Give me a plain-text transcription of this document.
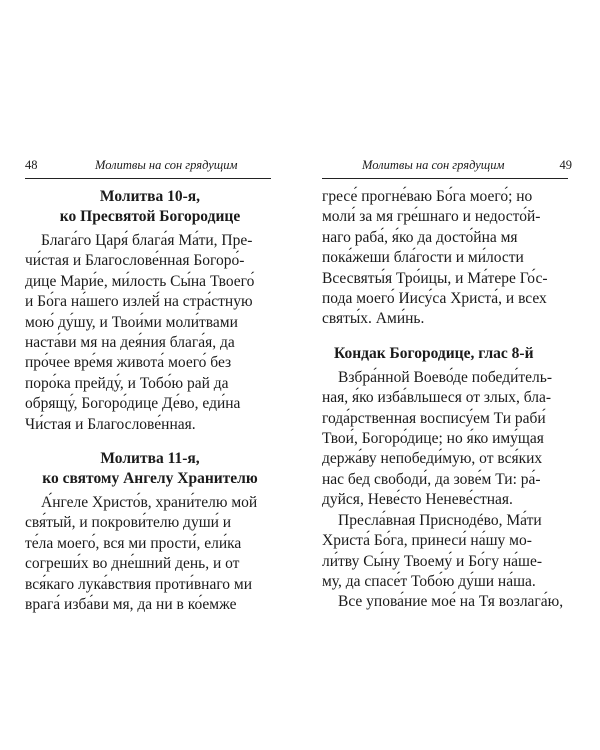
48	Молитвы на сон грядущим
Молитва 10-я,
ко Пресвятой Богородице
Блага́го Царя́ блага́я Ма́ти, Пре-
чи́стая и Благослове́нная Богоро́-
дице Мари́е, ми́лость Сы́на Твоего́
и Бо́га на́шего излей́ на стра́стную
мою́ ду́шу, и Твои́ми моли́твами
наста́ви мя на дея́ния блага́я, да
про́чее вре́мя живота́ моего́ без
поро́ка прейду́, и Тобо́ю рай да
обрящу́, Богоро́дице Де́во, еди́на
Чи́стая и Благослове́нная.
Молитва 11-я,
ко святому Ангелу Хранителю
А́нгеле Христо́в, храни́телю мой
свя́тый, и покрови́телю души́ и
те́ла моего́, вся ми прости́, ели́ка
согреши́х во дне́шний день, и от
вся́каго лука́вствия проти́внаго ми
врага́ изба́ви мя, да ни в ко́емже
Молитвы на сон грядущим	49
гресе́ прогне́ваю Бо́га моего́; но
моли́ за мя гре́шнаго и недосто́й-
наго раба́, я́ко да досто́йна мя
пока́жеши бла́гости и ми́лости
Всесвяты́я Тро́ицы, и Ма́тере Го́с-
пода моего́ Иису́са Христа́, и всех
святы́х. Ами́нь.
Кондак Богородице, глас 8-й
Взбра́нной Воево́де победи́тель-
ная, я́ко изба́вльшеся от злых, бла-
года́рственная воспису́ем Ти раби́
Твои́, Богоро́дице; но я́ко иму́щая
держа́ву непобеди́мую, от вся́ких
нас бед свободи́, да зове́м Ти: ра́-
дуйся, Неве́сто Неневе́стная.
Пресла́вная Приснодéво, Ма́ти
Христа́ Бо́га, принеси́ на́шу мо-
ли́тву Сы́ну Твоему́ и Бо́гу на́ше-
му, да спасе́т Тобо́ю ду́ши на́ша.
Все упова́ние мое́ на Тя возлага́ю,
